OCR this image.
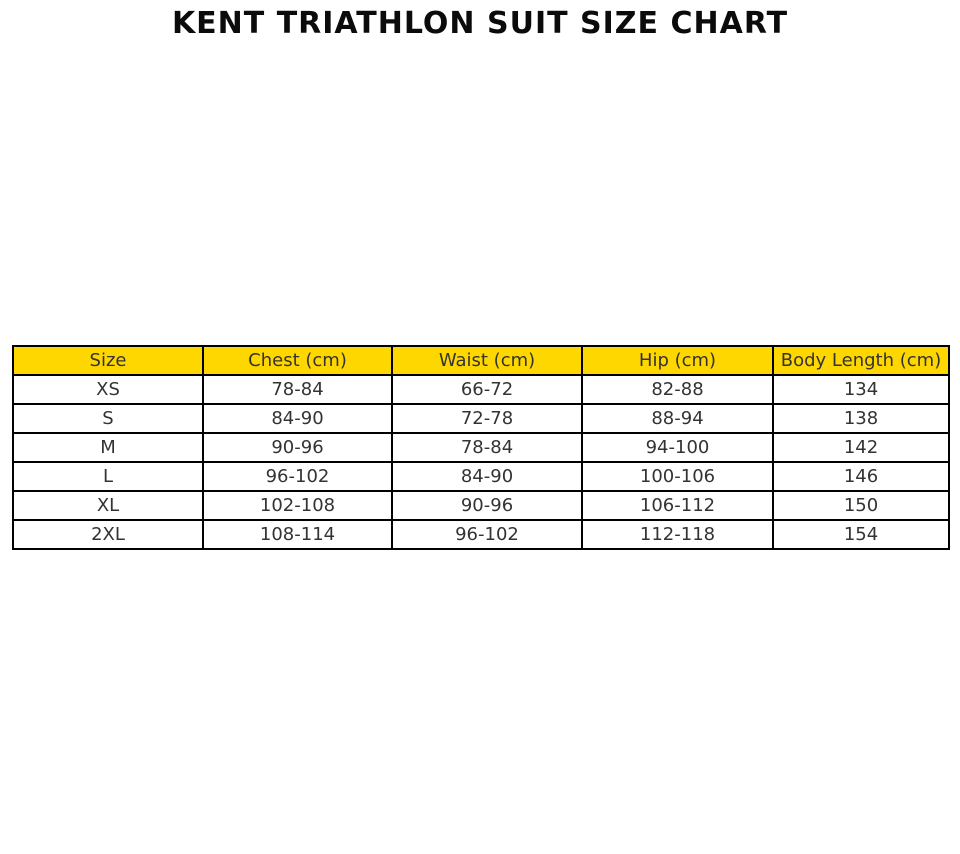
KENT TRIATHLON SUIT SIZE CHART
Size	Chest (cm)	Waist (cm)	Hip (cm)	Body Length (cm)
XS	78-84	66-72	82-88	134
S	84-90	72-78	88-94	138
M	90-96	78-84	94-100	142
L	96-102	84-90	100-106	146
XL	102-108	90-96	106-112	150
2XL	108-114	96-102	112-118	154
